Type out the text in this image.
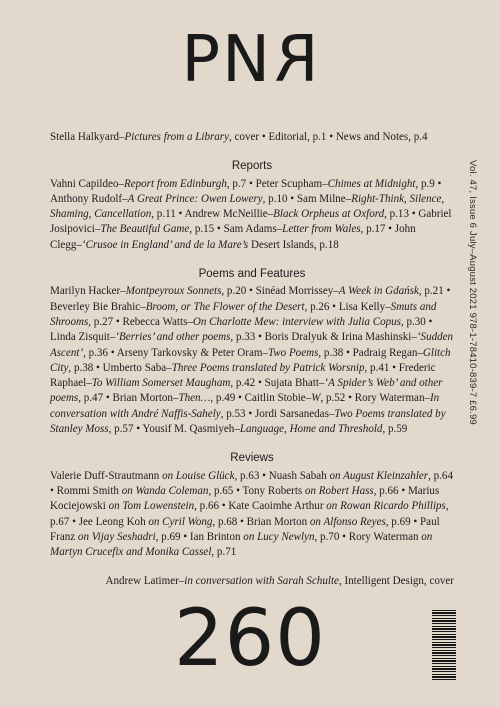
PNR
Vol. 47, Issue 6 July–August 2021 978-1-78410-839-7 £6.99

Stella Halkyard–Pictures from a Library, cover • Editorial, p.1 • News and Notes, p.4

Reports

Vahni Capildeo–Report from Edinburgh, p.7 • Peter Scupham–Chimes at Midnight, p.9 • Anthony Rudolf–A Great Prince: Owen Lowery, p.10 • Sam Milne–Right-Think, Silence, Shaming, Cancellation, p.11 • Andrew McNeillie–Black Orpheus at Oxford, p.13 • Gabriel Josipovici–The Beautiful Game, p.15 • Sam Adams–Letter from Wales, p.17 • John Clegg–‘Crusoe in England’ and de la Mare’s Desert Islands, p.18

Poems and Features

Marilyn Hacker–Montpeyroux Sonnets, p.20 • Sinéad Morrissey–A Week in Gdańsk, p.21 • Beverley Bie Brahic–Broom, or The Flower of the Desert, p.26 • Lisa Kelly–Smuts and Shrooms, p.27 • Rebecca Watts–On Charlotte Mew: interview with Julia Copus, p.30 • Linda Zisquit–‘Berries’ and other poems, p.33 • Boris Dralyuk & Irina Mashinski–‘Sudden Ascent’, p.36 • Arseny Tarkovsky & Peter Oram–Two Poems, p.38 • Padraig Regan–Glitch City, p.38 • Umberto Saba–Three Poems translated by Patrick Worsnip, p.41 • Frederic Raphael–To William Somerset Maugham, p.42 • Sujata Bhatt–‘A Spider’s Web’ and other poems, p.47 • Brian Morton–Then…, p.49 • Caitlin Stobie–W, p.52 • Rory Waterman–In conversation with André Naffis-Sahely, p.53 • Jordi Sarsanedas–Two Poems translated by Stanley Moss, p.57 • Yousif M. Qasmiyeh–Language, Home and Threshold, p.59

Reviews

Valerie Duff-Strautmann on Louise Glück, p.63 • Nuash Sabah on August Kleinzahler, p.64 • Rommi Smith on Wanda Coleman, p.65 • Tony Roberts on Robert Hass, p.66 • Marius Kociejowski on Tom Lowenstein, p.66 • Kate Caoimhe Arthur on Rowan Ricardo Phillips, p.67 • Jee Leong Koh on Cyril Wong, p.68 • Brian Morton on Alfonso Reyes, p.69 • Paul Franz on Vijay Seshadri, p.69 • Ian Brinton on Lucy Newlyn, p.70 • Rory Waterman on Martyn Crucefix and Monika Cassel, p.71

Andrew Latimer–in conversation with Sarah Schulte, Intelligent Design, cover

260
